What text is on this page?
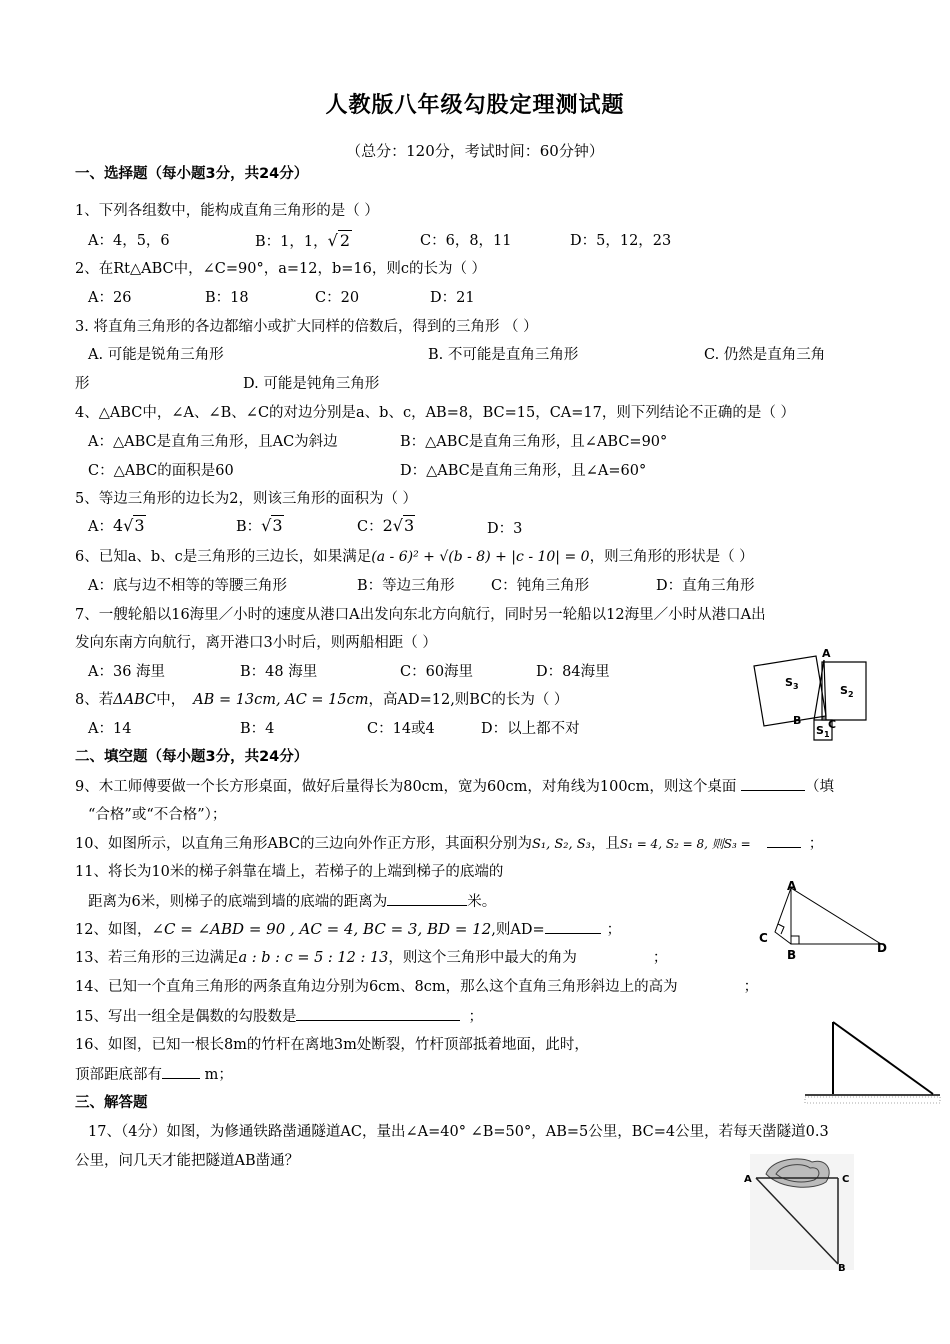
人教版八年级勾股定理测试题
（总分：120分，考试时间：60分钟）
一、选择题（每小题3分，共24分）
1、下列各组数中，能构成直角三角形的是（ ）
A：4，5，6	B：1，1，√ 2	C：6，8，11	D：5，12，23
2、在Rt△ABC中，∠C=90°，a=12，b=16，则c的长为（ ）
A：26	B：18	C：20	D：21
3. 将直角三角形的各边都缩小或扩大同样的倍数后，得到的三角形 （ ）
A. 可能是锐角三角形	B. 不可能是直角三角形	C. 仍然是直角三角
形	D. 可能是钝角三角形
4、△ABC中，∠A、∠B、∠C的对边分别是a、b、c，AB=8，BC=15，CA=17，则下列结论不正确的是（ ）
A：△ABC是直角三角形，且AC为斜边	B：△ABC是直角三角形，且∠ABC=90°
C：△ABC的面积是60	D：△ABC是直角三角形，且∠A=60°
5、等边三角形的边长为2，则该三角形的面积为（ ）
A：4√3	B：√3	C：2√3	D：3
6、已知a、b、c是三角形的三边长，如果满足(a - 6)² + √(b - 8) + |c - 10| = 0，则三角形的形状是（ ）
A：底与边不相等的等腰三角形	B：等边三角形	C：钝角三角形	D：直角三角形
7、一艘轮船以16海里／小时的速度从港口A出发向东北方向航行，同时另一轮船以12海里／小时从港口A出
发向东南方向航行，离开港口3小时后，则两船相距（ ）
A：36 海里	B：48 海里	C：60海里	D：84海里
8、若ΔABC中， AB = 13cm, AC = 15cm，高AD=12,则BC的长为（ ）
A：14	B：4	C：14或4	D：以上都不对
二、填空题（每小题3分，共24分）
9、木工师傅要做一个长方形桌面，做好后量得长为80cm，宽为60cm，对角线为100cm，则这个桌面	（填
“合格”或“不合格”）；
10、如图所示，以直角三角形ABC的三边向外作正方形，其面积分别为S₁, S₂, S₃，且S₁ = 4, S₂ = 8, 则S₃ =	；
11、将长为10米的梯子斜靠在墙上，若梯子的上端到梯子的底端的
距离为6米，则梯子的底端到墙的底端的距离为	米。
12、如图，∠C = ∠ABD = 90 , AC = 4, BC = 3, BD = 12,则AD=	；
13、若三角形的三边满足a : b : c = 5 : 12 : 13，则这个三角形中最大的角为	；
14、已知一个直角三角形的两条直角边分别为6cm、8cm，那么这个直角三角形斜边上的高为	；
15、写出一组全是偶数的勾股数是	；
16、如图，已知一根长8m的竹杆在离地3m处断裂，竹杆顶部抵着地面，此时，
顶部距底部有	m；
三、解答题
17、（4分）如图，为修通铁路凿通隧道AC，量出∠A=40° ∠B=50°，AB=5公里，BC=4公里，若每天凿隧道0.3
公里，问几天才能把隧道AB凿通？
A
B C
$S_3$	$S_2$
$S_1$
A
C
B	D
A	C
B
